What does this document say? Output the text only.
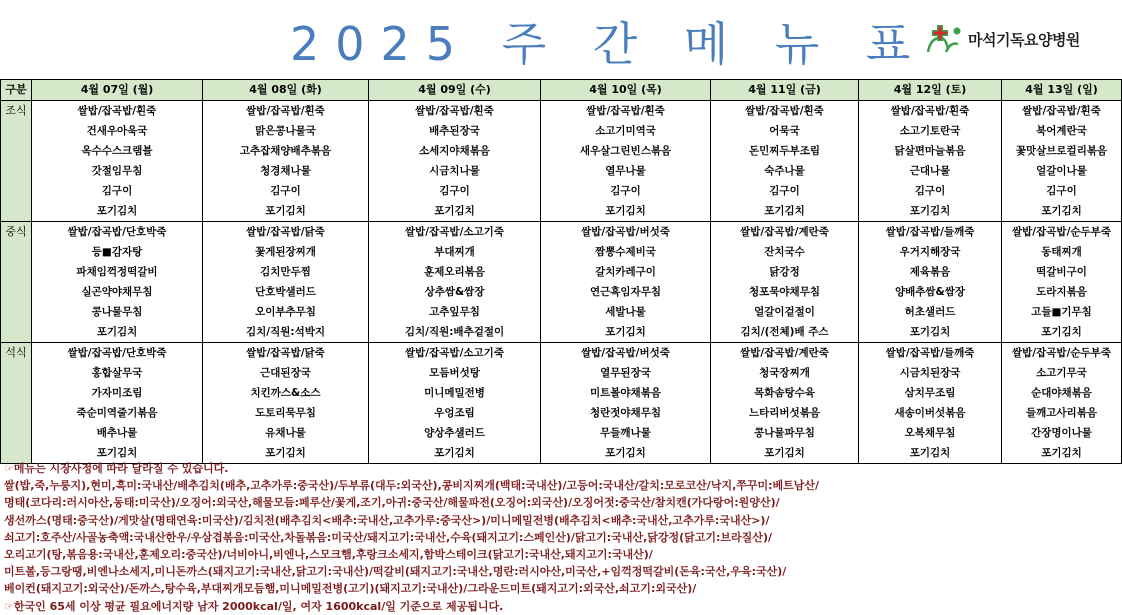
2025 주 간 메 뉴 표	마석기독요양병원
구분	4월 07일 (월)	4월 08일 (화)	4월 09일 (수)	4월 10일 (목)	4월 11일 (금)	4월 12일 (토)	4월 13일 (일)
조식	쌀밥/잡곡밥/흰죽	쌀밥/잡곡밥/흰죽	쌀밥/잡곡밥/흰죽	쌀밥/잡곡밥/흰죽	쌀밥/잡곡밥/흰죽	쌀밥/잡곡밥/흰죽	쌀밥/잡곡밥/흰죽
	건새우아욱국	맑은콩나물국	배추된장국	소고기미역국	어묵국	소고기토란국	북어계란국
	옥수수스크램블	고추잡채양배추볶음	소세지야채볶음	새우살그린빈스볶음	돈민찌두부조림	닭살편마늘볶음	꽃맛살브로컬리볶음
	갓절임무침	청경채나물	시금치나물	열무나물	숙주나물	근대나물	얼갈이나물
	김구이	김구이	김구이	김구이	김구이	김구이	김구이
	포기김치	포기김치	포기김치	포기김치	포기김치	포기김치	포기김치
중식	쌀밥/잡곡밥/단호박죽	쌀밥/잡곡밥/닭죽	쌀밥/잡곡밥/소고기죽	쌀밥/잡곡밥/버섯죽	쌀밥/잡곡밥/계란죽	쌀밥/잡곡밥/들깨죽	쌀밥/잡곡밥/순두부죽
	등■감자탕	꽃게된장찌개	부대찌개	짬뽕수제비국	잔치국수	우거지해장국	동태찌개
	파채임꺽정떡갈비	김치만두찜	훈제오리볶음	갈치카레구이	닭강정	제육볶음	떡갈비구이
	실곤약야채무침	단호박샐러드	상추쌈&쌈장	연근흑임자무침	청포묵야채무침	양배추쌈&쌈장	도라지볶음
	콩나물무침	오이부추무침	고추잎무침	세발나물	얼갈이겉절이	허초샐러드	고들■기무침
	포기김치	김치/직원:석박지	김치/직원:배추겉절이	포기김치	김치/(전체)배 주스	포기김치	포기김치
석식	쌀밥/잡곡밥/단호박죽	쌀밥/잡곡밥/닭죽	쌀밥/잡곡밥/소고기죽	쌀밥/잡곡밥/버섯죽	쌀밥/잡곡밥/계란죽	쌀밥/잡곡밥/들깨죽	쌀밥/잡곡밥/순두부죽
	홍합살무국	근대된장국	모듬버섯탕	열무된장국	청국장찌개	시금치된장국	소고기무국
	가자미조림	치킨까스&소스	미니메밀전병	미트볼야채볶음	목화솜탕수육	삼치무조림	순대야채볶음
	죽순미역줄기볶음	도토리묵무침	우엉조림	청란젓야채무침	느타리버섯볶음	새송이버섯볶음	들깨고사리볶음
	배추나물	유채나물	양상추샐러드	무들깨나물	콩나물파무침	오복채무침	간장명이나물
	포기김치	포기김치	포기김치	포기김치	포기김치	포기김치	포기김치
☞메뉴는 시장사정에 따라 달라질 수 있습니다.
쌀(밥,죽,누룽지),현미,흑미:국내산/배추김치(배추,고추가루:중국산)/두부류(대두:외국산),콩비지찌개(백태:국내산)/고등어:국내산/갈치:모로코산/낙지,쭈꾸미:베트남산/
명태(코다리:러시아산,동태:미국산)/오징어:외국산,해물모듬:페루산/꽃게,조기,아귀:중국산/해물파전(오징어:외국산)/오징어젓:중국산/참치캔(가다랑어:원양산)/
생선까스(명태:중국산)/게맛살(명태연육:미국산)/김치전(배추김치<배추:국내산,고추가루:중국산>)/미니메밀전병(배추김치<배추:국내산,고추가루:국내산>)/
쇠고기:호주산/사골농축액:국내산한우/우삼겹볶음:미국산,차돌볶음:미국산/돼지고기:국내산,수육(돼지고기:스페인산)/닭고기:국내산,닭강정(닭고기:브라질산)/
오리고기(탕,볶음용:국내산,훈제오리:중국산)/너비아니,비엔나,스모크햄,후랑크소세지,함박스테이크(닭고기:국내산,돼지고기:국내산)/
미트볼,등그랑땡,비엔나소세지,미니돈까스(돼지고기:국내산,닭고기:국내산)/떡갈비(돼지고기:국내산,명란:러시아산,미국산,+임꺽정떡갈비(돈육:국산,우육:국산)/
베이컨(돼지고기:외국산)/돈까스,탕수육,부대찌개모듬햄,미니메밀전병(고기)(돼지고기:국내산)/그라운드미트(돼지고기:외국산,쇠고기:외국산)/
☞한국인 65세 이상 평균 필요에너지량 남자 2000kcal/일, 여자 1600kcal/일 기준으로 제공됩니다.
